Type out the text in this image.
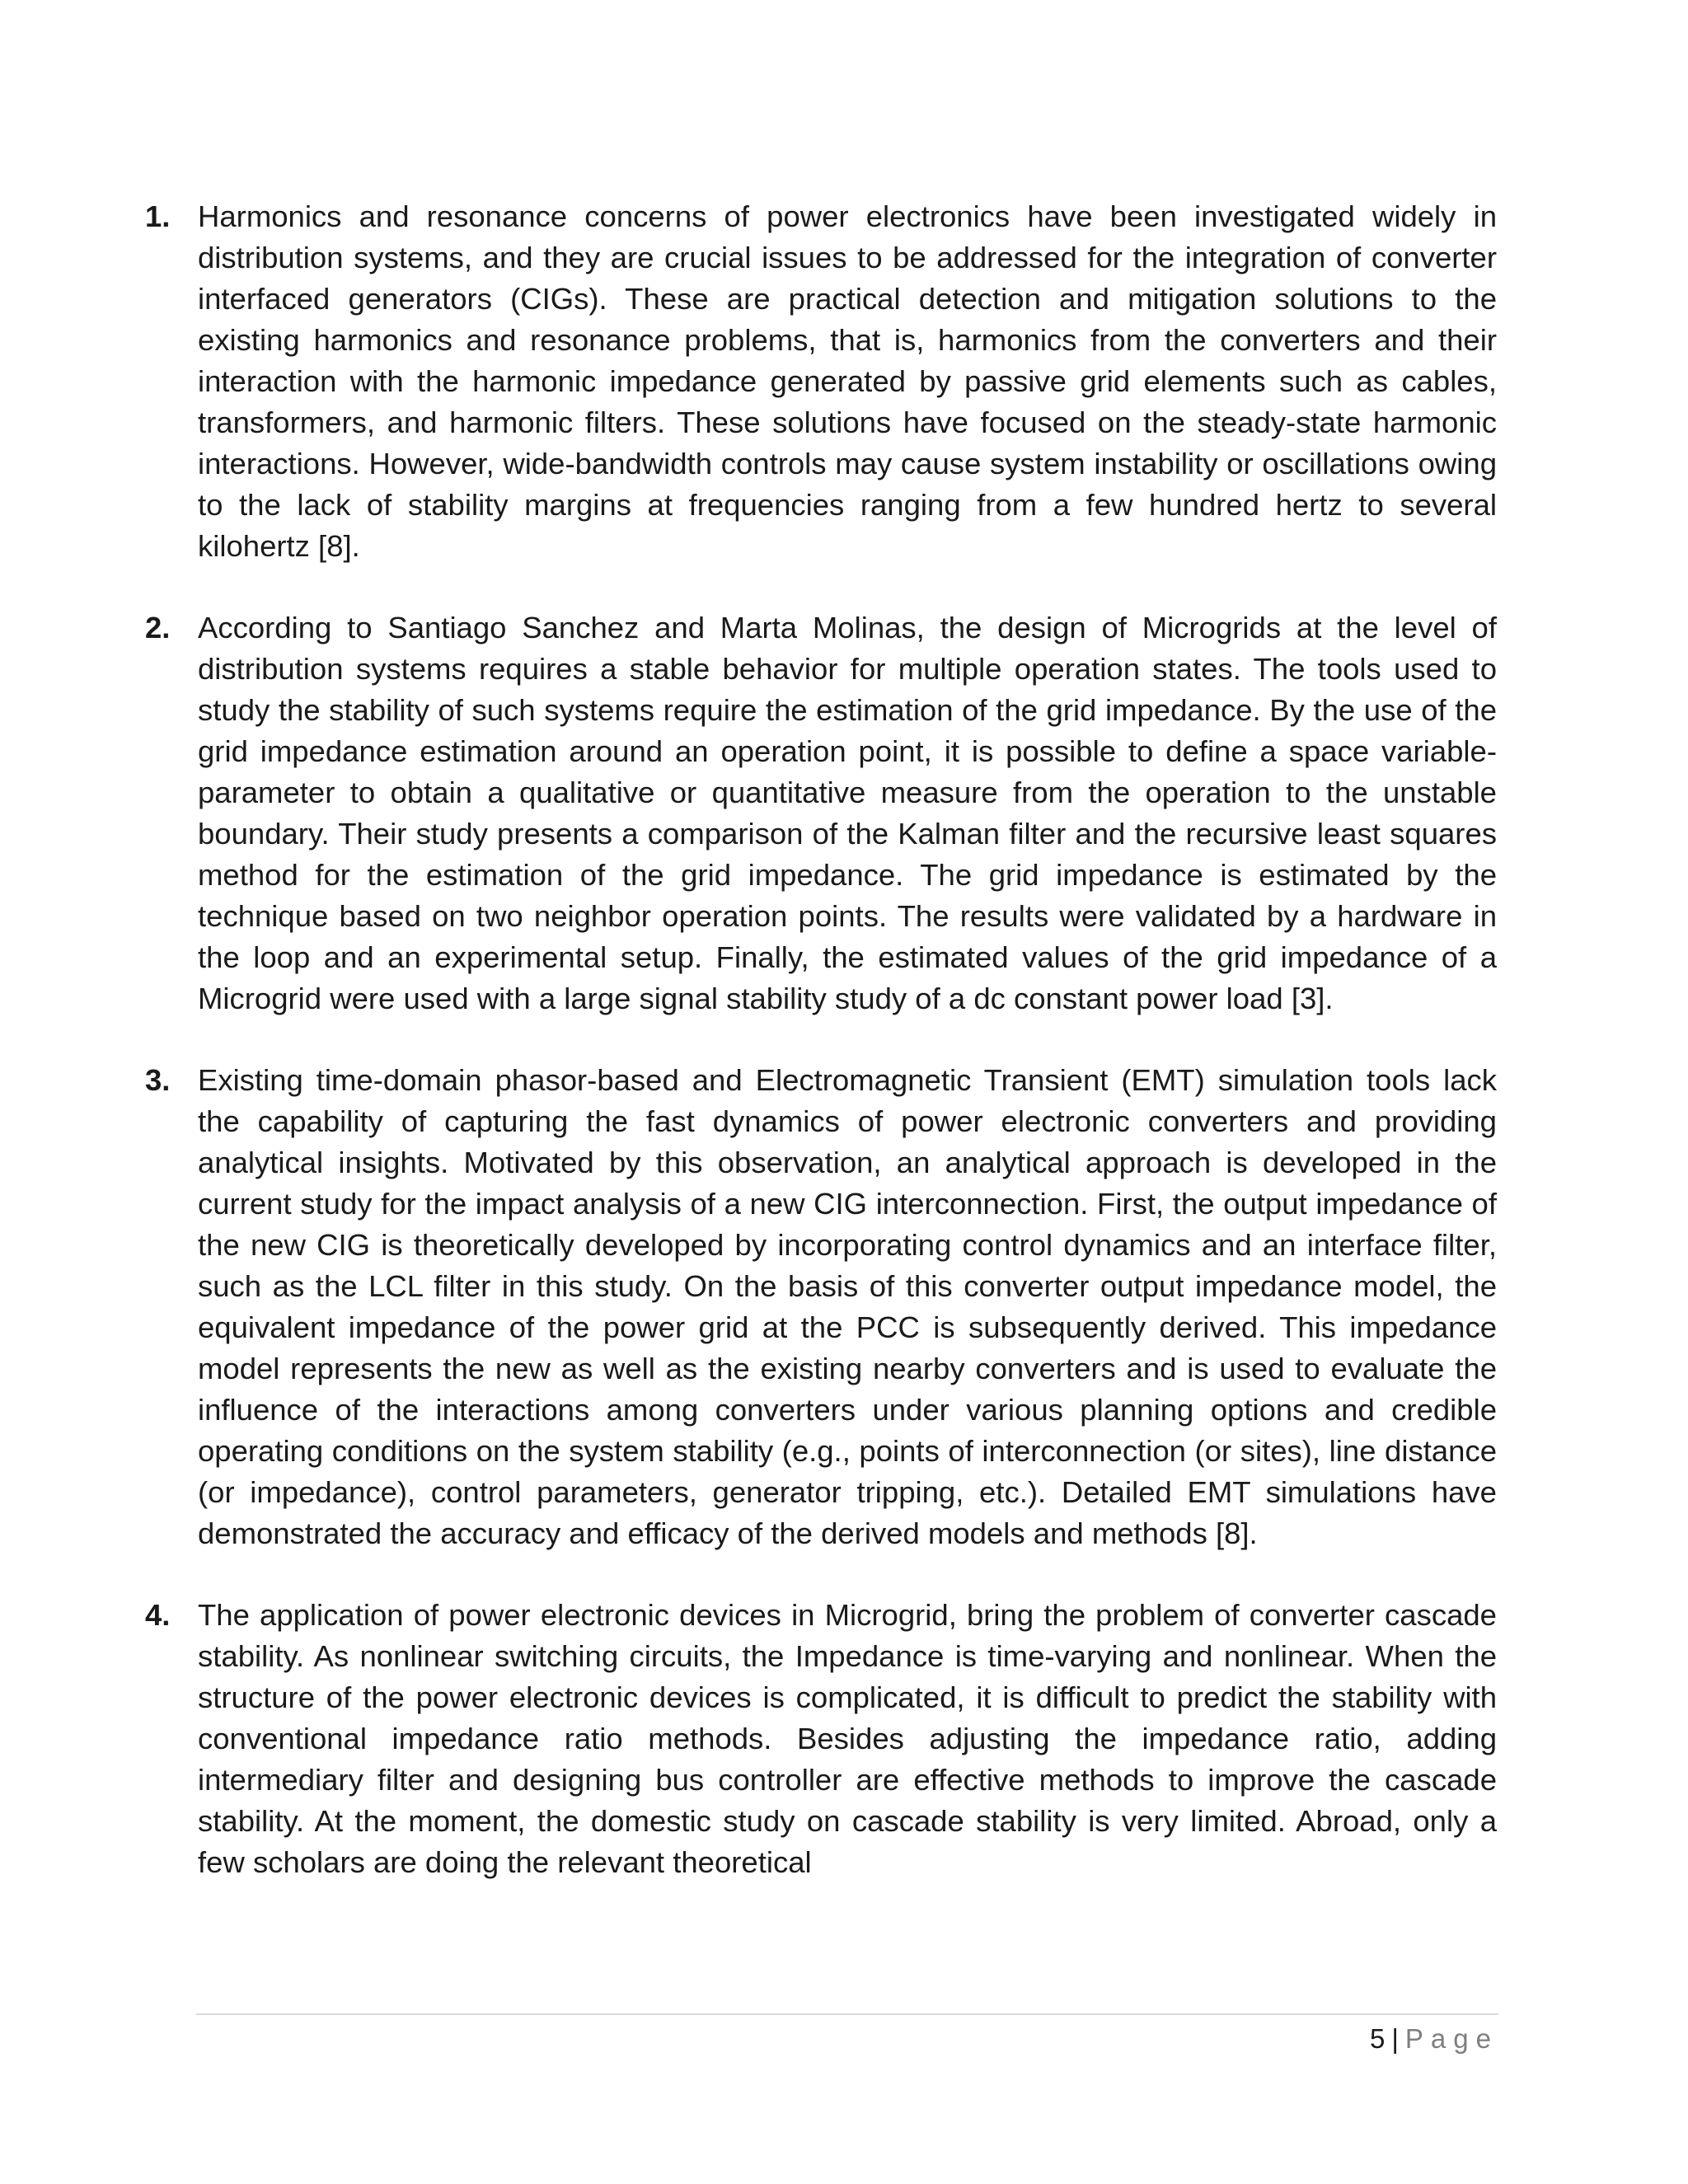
1. Harmonics and resonance concerns of power electronics have been investigated widely in distribution systems, and they are crucial issues to be addressed for the integration of converter interfaced generators (CIGs). These are practical detection and mitigation solutions to the existing harmonics and resonance problems, that is, harmonics from the converters and their interaction with the harmonic impedance generated by passive grid elements such as cables, transformers, and harmonic filters. These solutions have focused on the steady-state harmonic interactions. However, wide-bandwidth controls may cause system instability or oscillations owing to the lack of stability margins at frequencies ranging from a few hundred hertz to several kilohertz [8].

2. According to Santiago Sanchez and Marta Molinas, the design of Microgrids at the level of distribution systems requires a stable behavior for multiple operation states. The tools used to study the stability of such systems require the estimation of the grid impedance. By the use of the grid impedance estimation around an operation point, it is possible to define a space variable-parameter to obtain a qualitative or quantitative measure from the operation to the unstable boundary. Their study presents a comparison of the Kalman filter and the recursive least squares method for the estimation of the grid impedance. The grid impedance is estimated by the technique based on two neighbor operation points. The results were validated by a hardware in the loop and an experimental setup. Finally, the estimated values of the grid impedance of a Microgrid were used with a large signal stability study of a dc constant power load [3].

3. Existing time-domain phasor-based and Electromagnetic Transient (EMT) simulation tools lack the capability of capturing the fast dynamics of power electronic converters and providing analytical insights. Motivated by this observation, an analytical approach is developed in the current study for the impact analysis of a new CIG interconnection. First, the output impedance of the new CIG is theoretically developed by incorporating control dynamics and an interface filter, such as the LCL filter in this study. On the basis of this converter output impedance model, the equivalent impedance of the power grid at the PCC is subsequently derived. This impedance model represents the new as well as the existing nearby converters and is used to evaluate the influence of the interactions among converters under various planning options and credible operating conditions on the system stability (e.g., points of interconnection (or sites), line distance (or impedance), control parameters, generator tripping, etc.). Detailed EMT simulations have demonstrated the accuracy and efficacy of the derived models and methods [8].

4. The application of power electronic devices in Microgrid, bring the problem of converter cascade stability. As nonlinear switching circuits, the Impedance is time-varying and nonlinear. When the structure of the power electronic devices is complicated, it is difficult to predict the stability with conventional impedance ratio methods. Besides adjusting the impedance ratio, adding intermediary filter and designing bus controller are effective methods to improve the cascade stability. At the moment, the domestic study on cascade stability is very limited. Abroad, only a few scholars are doing the relevant theoretical

5 | Page
